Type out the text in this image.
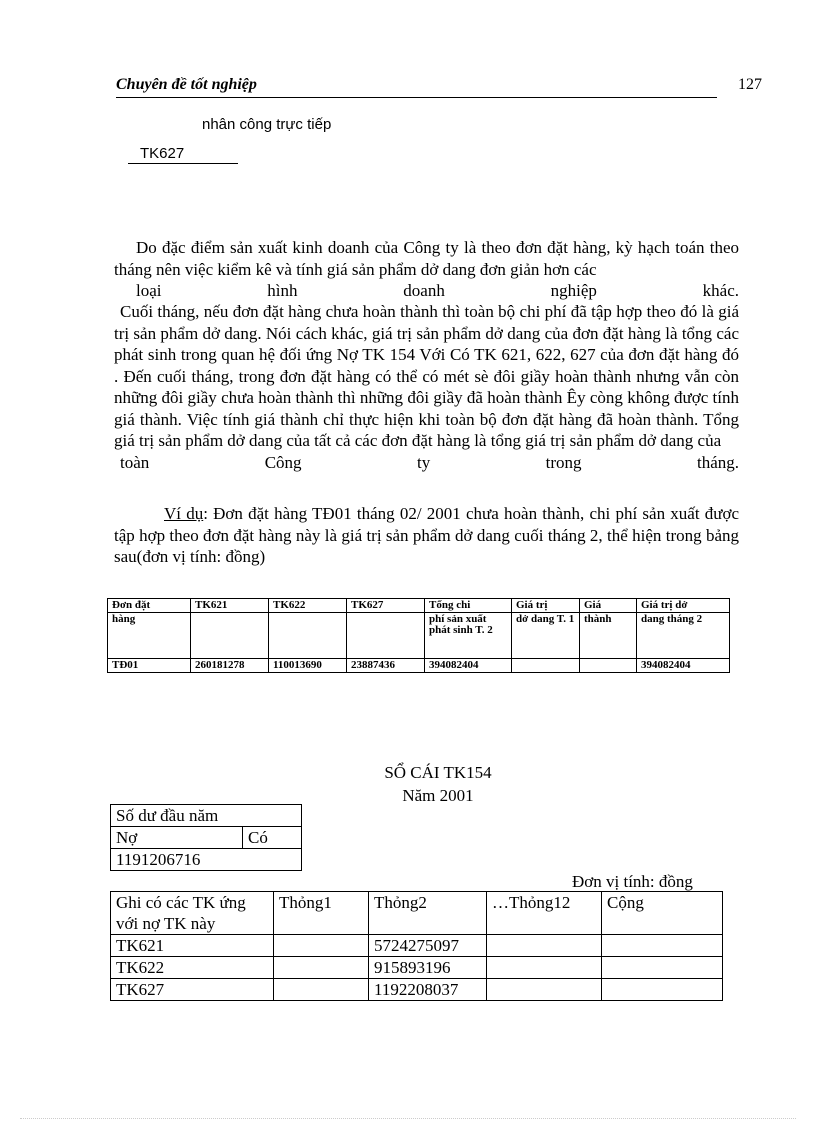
Chuyên đề tốt nghiệp	127
nhân công trực tiếp
TK627
Do đặc điểm sản xuất kinh doanh của Công ty là theo đơn đặt hàng, kỳ hạch toán theo tháng nên việc kiểm kê và tính giá sản phẩm dở dang đơn giản hơn các
loại hình doanh nghiệp khác.
Cuối tháng, nếu đơn đặt hàng chưa hoàn thành thì toàn bộ chi phí đã tập hợp theo đó là giá trị sản phẩm dở dang. Nói cách khác, giá trị sản phẩm dở dang của đơn đặt hàng là tổng các phát sinh trong quan hệ đối ứng Nợ TK 154 Với Có TK 621, 622, 627 của đơn đặt hàng đó . Đến cuối tháng, trong đơn đặt hàng có thể có mét sè đôi giầy hoàn thành nhưng vẫn còn những đôi giầy chưa hoàn thành thì những đôi giầy đã hoàn thành Êy còng không được tính giá thành. Việc tính giá thành chỉ thực hiện khi toàn bộ đơn đặt hàng đã hoàn thành. Tổng giá trị sản phẩm dở dang của tất cả các đơn đặt hàng là tổng giá trị sản phẩm dở dang của
toàn Công ty trong tháng.
Ví dụ: Đơn đặt hàng TĐ01 tháng 02/ 2001 chưa hoàn thành, chi phí sản xuất được tập hợp theo đơn đặt hàng này là giá trị sản phẩm dở dang cuối tháng 2, thể hiện trong bảng sau(đơn vị tính: đồng)
Đơn đặt	TK621	TK622	TK627	Tổng chi	Giá trị	Giá	Giá trị dở
hàng				phí sản xuất phát sinh T. 2	dở dang T. 1	thành	dang tháng 2
TĐ01	260181278	110013690	23887436	394082404			394082404
SỔ CÁI TK154
Năm 2001
Số dư đầu năm
Nợ	Có
1191206716
Đơn vị tính: đồng
Ghi có các TK ứng với nợ TK này	Thỏng1	Thỏng2	…Thỏng12	Cộng
TK621		5724275097		
TK622		915893196		
TK627		1192208037		
